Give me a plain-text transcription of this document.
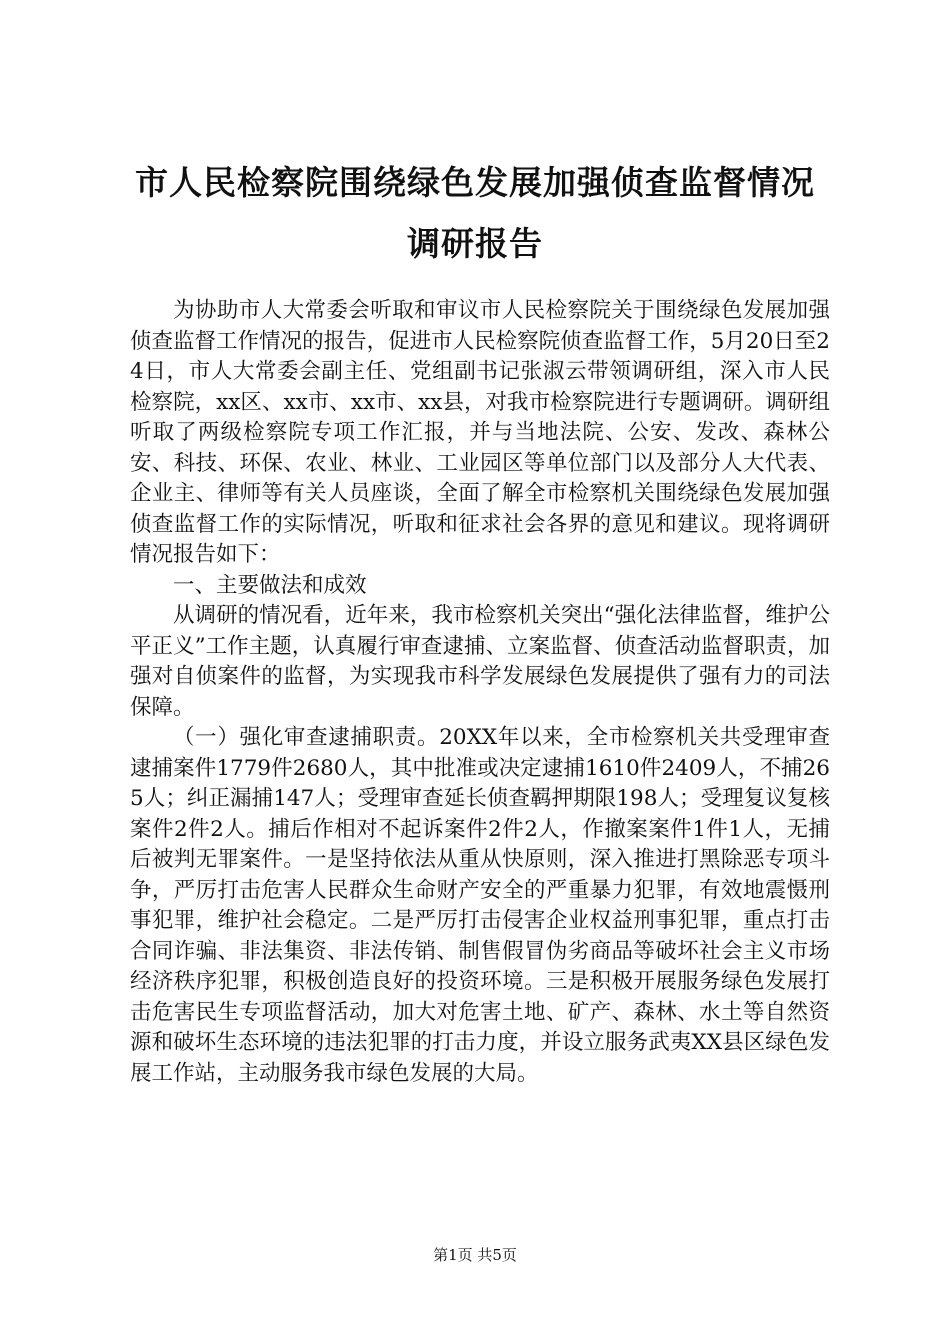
市人民检察院围绕绿色发展加强侦查监督情况
调研报告

为协助市人大常委会听取和审议市人民检察院关于围绕绿色发展加强侦查监督工作情况的报告，促进市人民检察院侦查监督工作，5月20日至24日，市人大常委会副主任、党组副书记张淑云带领调研组，深入市人民检察院，xx区、xx市、xx市、xx县，对我市检察院进行专题调研。调研组听取了两级检察院专项工作汇报，并与当地法院、公安、发改、森林公安、科技、环保、农业、林业、工业园区等单位部门以及部分人大代表、企业主、律师等有关人员座谈，全面了解全市检察机关围绕绿色发展加强侦查监督工作的实际情况，听取和征求社会各界的意见和建议。现将调研情况报告如下：

一、主要做法和成效

从调研的情况看，近年来，我市检察机关突出“强化法律监督，维护公平正义”工作主题，认真履行审查逮捕、立案监督、侦查活动监督职责，加强对自侦案件的监督，为实现我市科学发展绿色发展提供了强有力的司法保障。

（一）强化审查逮捕职责。20XX年以来，全市检察机关共受理审查逮捕案件1779件2680人，其中批准或决定逮捕1610件2409人，不捕265人；纠正漏捕147人；受理审查延长侦查羁押期限198人；受理复议复核案件2件2人。捕后作相对不起诉案件2件2人，作撤案案件1件1人，无捕后被判无罪案件。一是坚持依法从重从快原则，深入推进打黑除恶专项斗争，严厉打击危害人民群众生命财产安全的严重暴力犯罪，有效地震慑刑事犯罪，维护社会稳定。二是严厉打击侵害企业权益刑事犯罪，重点打击合同诈骗、非法集资、非法传销、制售假冒伪劣商品等破坏社会主义市场经济秩序犯罪，积极创造良好的投资环境。三是积极开展服务绿色发展打击危害民生专项监督活动，加大对危害土地、矿产、森林、水土等自然资源和破坏生态环境的违法犯罪的打击力度，并设立服务武夷XX县区绿色发展工作站，主动服务我市绿色发展的大局。

第1页 共5页
